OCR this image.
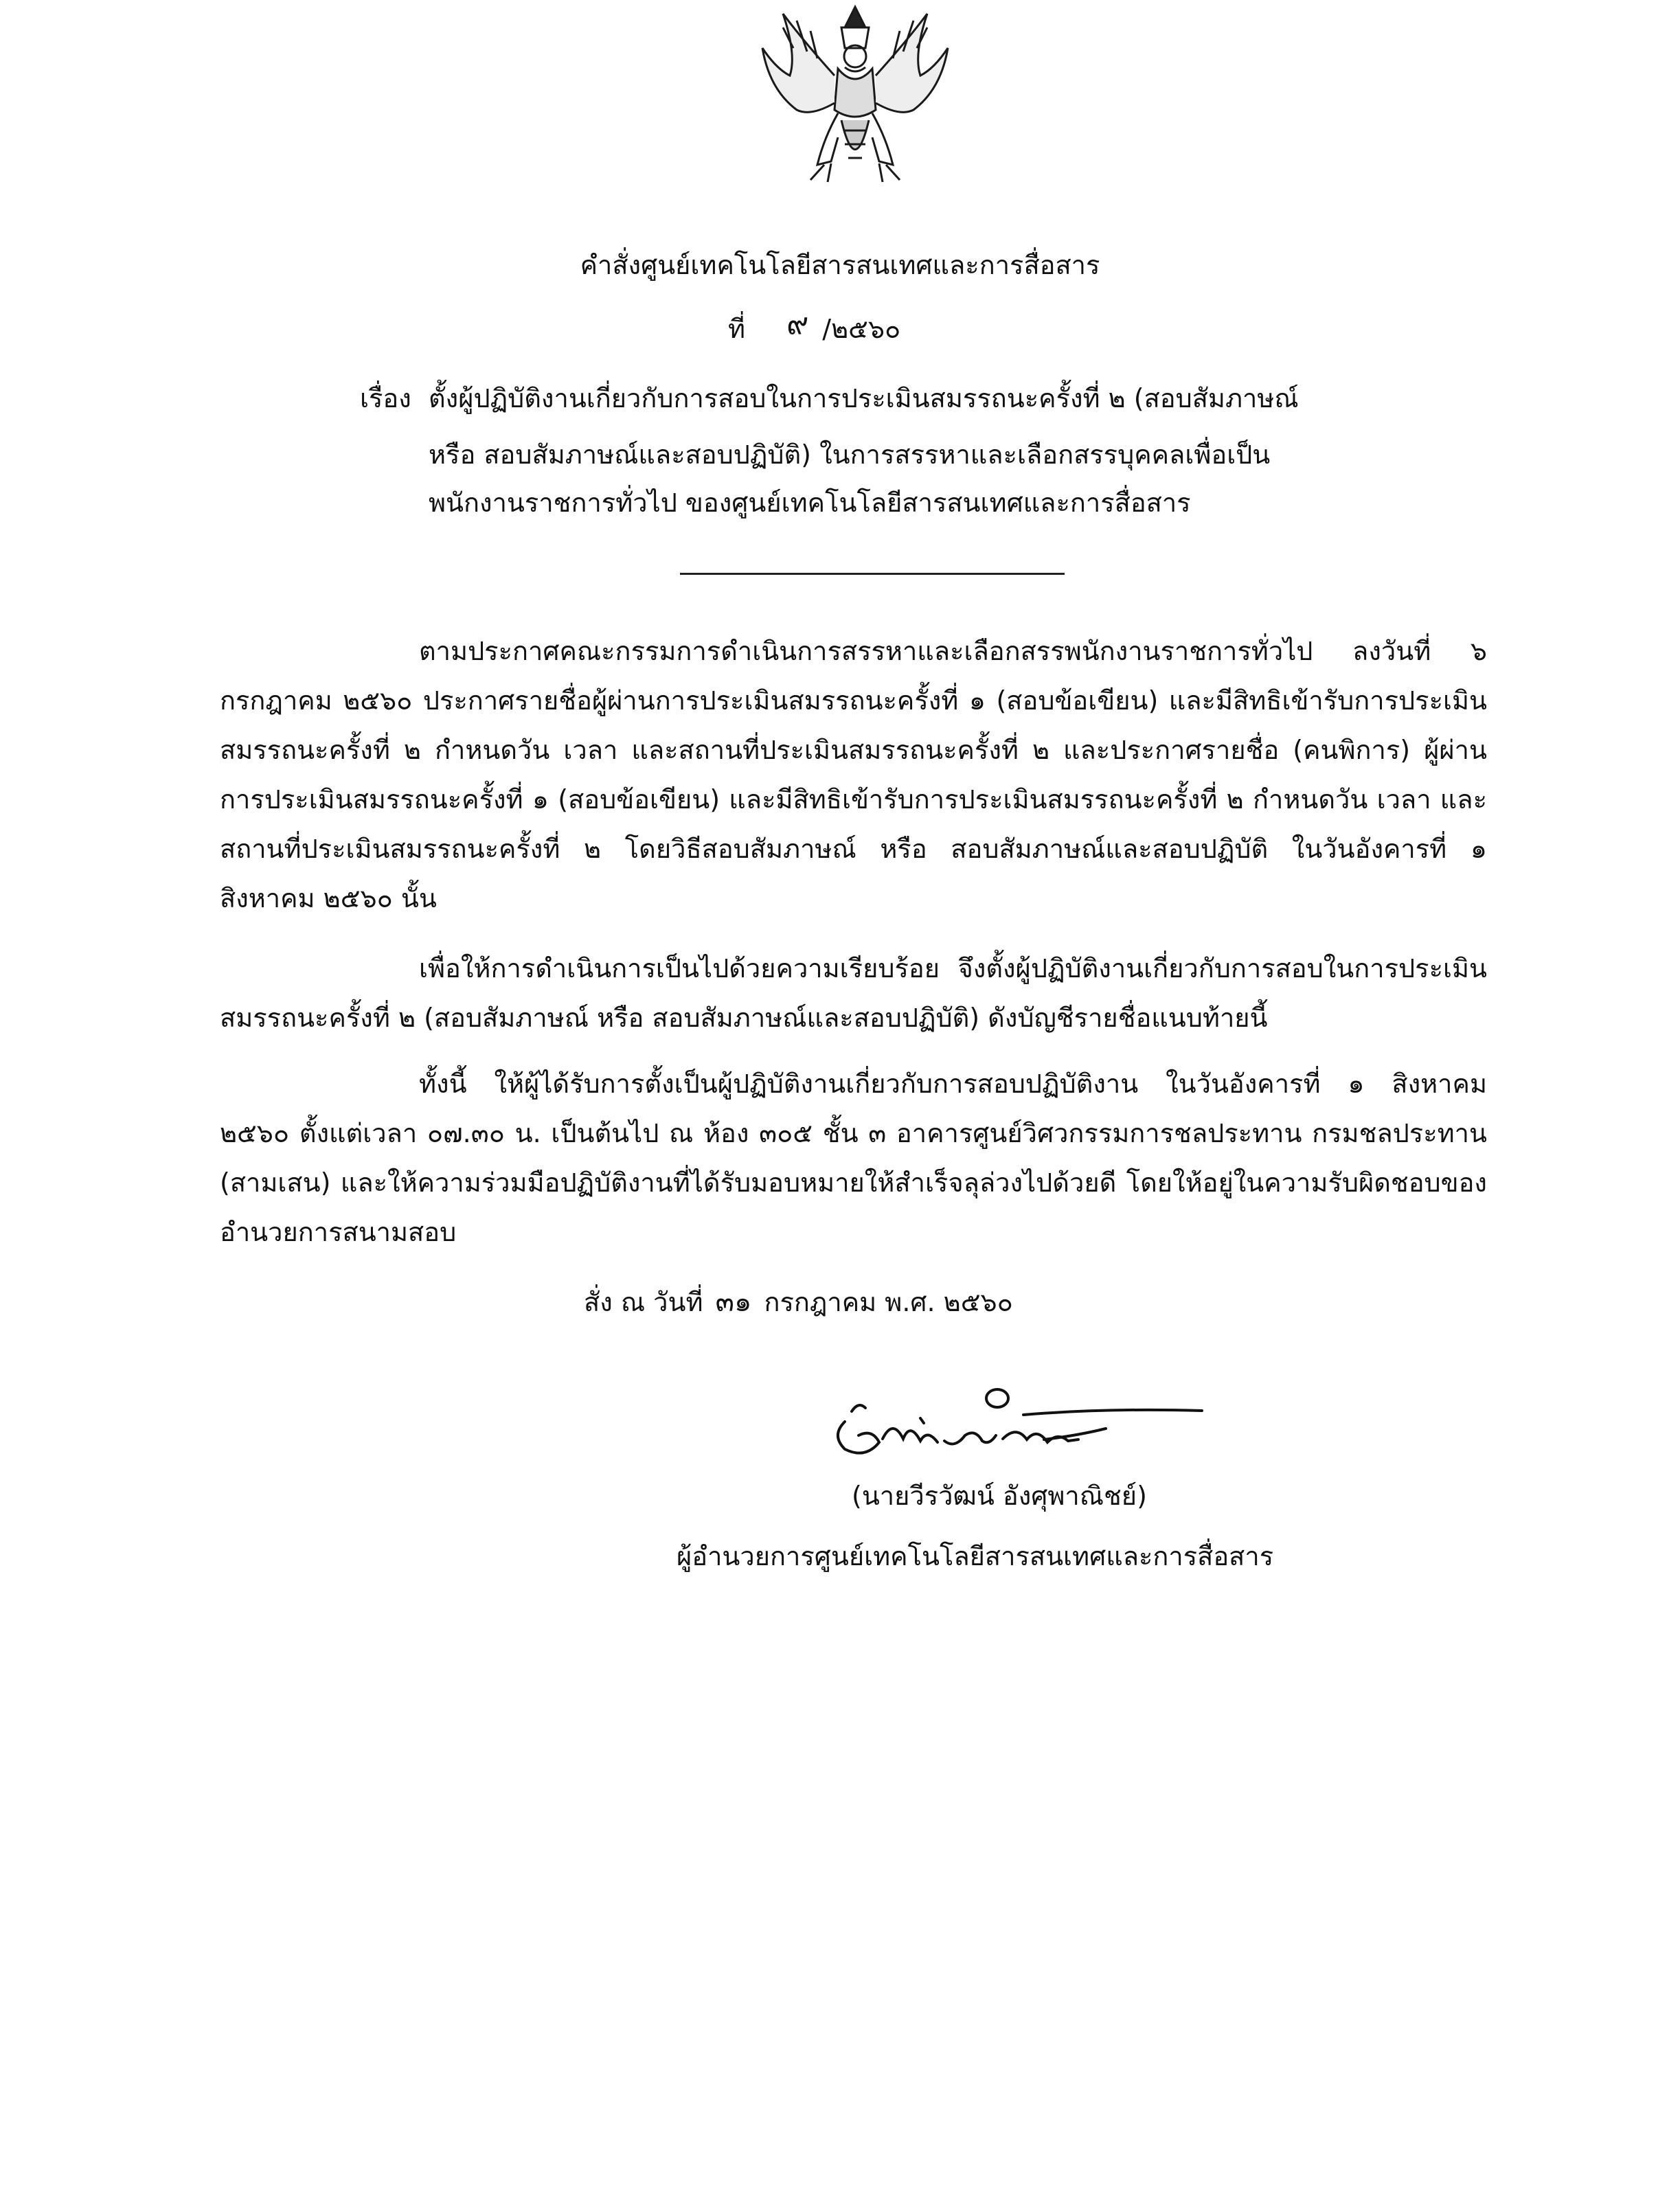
คำสั่งศูนย์เทคโนโลยีสารสนเทศและการสื่อสาร
ที่ ๙ /๒๕๖๐
เรื่อง ตั้งผู้ปฏิบัติงานเกี่ยวกับการสอบในการประเมินสมรรถนะครั้งที่ ๒ (สอบสัมภาษณ์
หรือ สอบสัมภาษณ์และสอบปฏิบัติ) ในการสรรหาและเลือกสรรบุคคลเพื่อเป็น
พนักงานราชการทั่วไป ของศูนย์เทคโนโลยีสารสนเทศและการสื่อสาร
ตามประกาศคณะกรรมการดำเนินการสรรหาและเลือกสรรพนักงานราชการทั่วไป ลงวันที่ ๖ กรกฎาคม ๒๕๖๐ ประกาศรายชื่อผู้ผ่านการประเมินสมรรถนะครั้งที่ ๑ (สอบข้อเขียน) และมีสิทธิเข้ารับการประเมินสมรรถนะครั้งที่ ๒ กำหนดวัน เวลา และสถานที่ประเมินสมรรถนะครั้งที่ ๒ และประกาศรายชื่อ (คนพิการ) ผู้ผ่านการประเมินสมรรถนะครั้งที่ ๑ (สอบข้อเขียน) และมีสิทธิเข้ารับการประเมินสมรรถนะครั้งที่ ๒ กำหนดวัน เวลา และสถานที่ประเมินสมรรถนะครั้งที่ ๒ โดยวิธีสอบสัมภาษณ์ หรือ สอบสัมภาษณ์และสอบปฏิบัติ ในวันอังคารที่ ๑ สิงหาคม ๒๕๖๐ นั้น
เพื่อให้การดำเนินการเป็นไปด้วยความเรียบร้อย จึงตั้งผู้ปฏิบัติงานเกี่ยวกับการสอบในการประเมินสมรรถนะครั้งที่ ๒ (สอบสัมภาษณ์ หรือ สอบสัมภาษณ์และสอบปฏิบัติ) ดังบัญชีรายชื่อแนบท้ายนี้
ทั้งนี้ ให้ผู้ได้รับการตั้งเป็นผู้ปฏิบัติงานเกี่ยวกับการสอบปฏิบัติงาน ในวันอังคารที่ ๑ สิงหาคม ๒๕๖๐ ตั้งแต่เวลา ๐๗.๓๐ น. เป็นต้นไป ณ ห้อง ๓๐๕ ชั้น ๓ อาคารศูนย์วิศวกรรมการชลประทาน กรมชลประทาน (สามเสน) และให้ความร่วมมือปฏิบัติงานที่ได้รับมอบหมายให้สำเร็จลุล่วงไปด้วยดี โดยให้อยู่ในความรับผิดชอบของอำนวยการสนามสอบ
สั่ง ณ วันที่ ๓๑ กรกฎาคม พ.ศ. ๒๕๖๐
(นายวีรวัฒน์ อังศุพาณิชย์)
ผู้อำนวยการศูนย์เทคโนโลยีสารสนเทศและการสื่อสาร
